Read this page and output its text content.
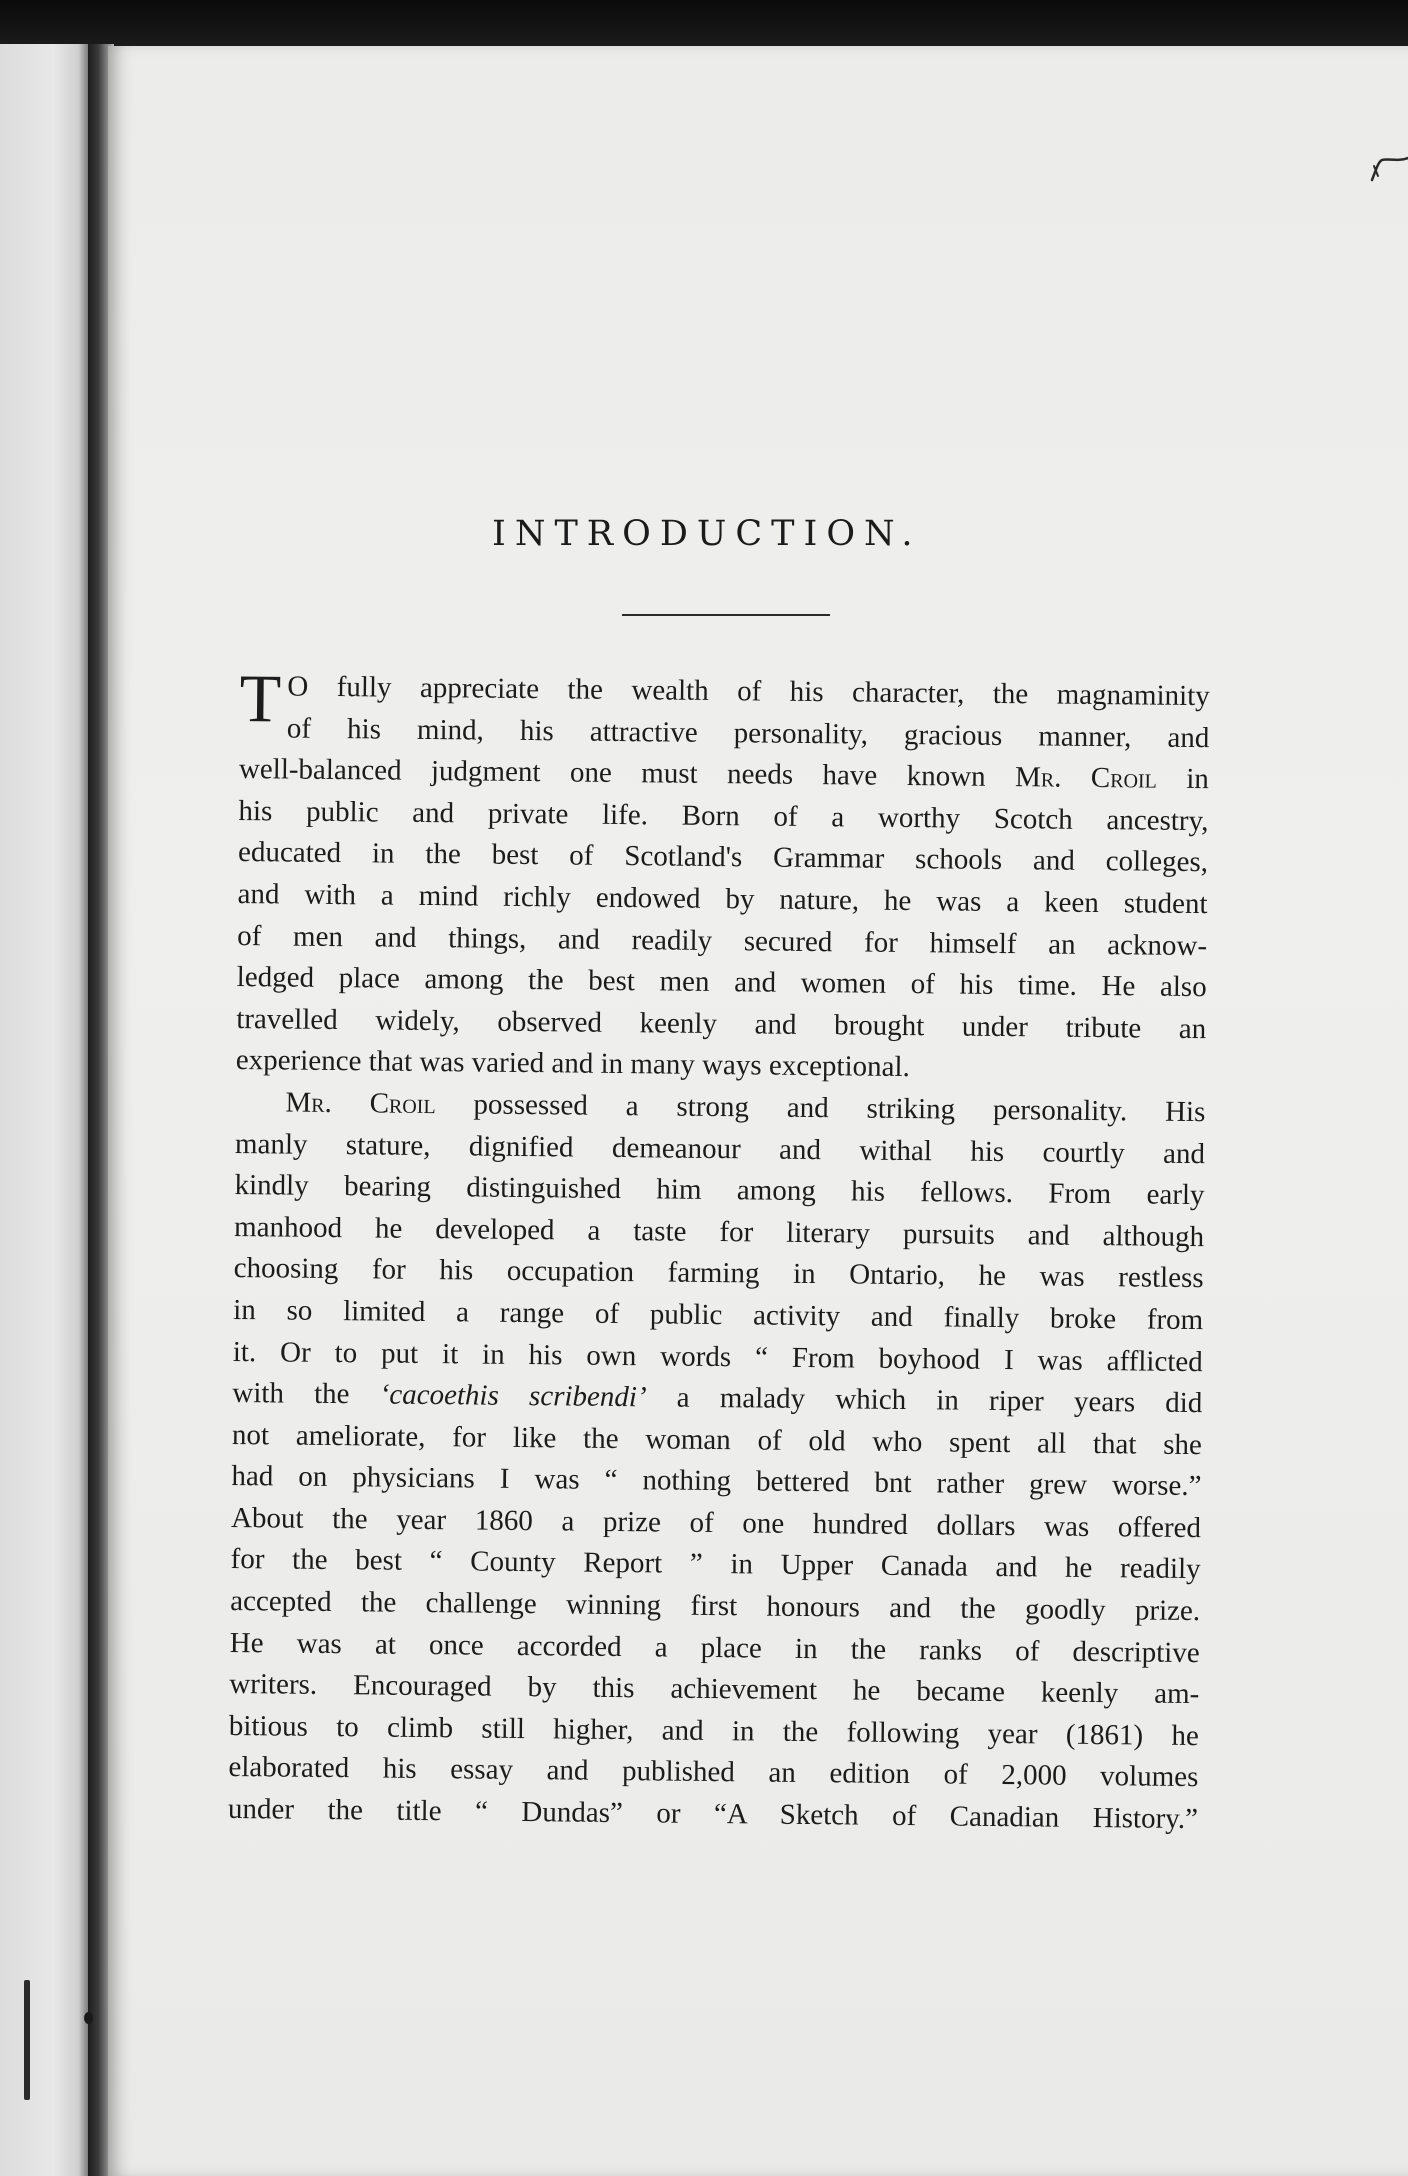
INTRODUCTION.
T O fully appreciate the wealth of his character, the magnaminity
of his mind, his attractive personality, gracious manner, and
well-balanced judgment one must needs have known Mr. Croil in
his public and private life. Born of a worthy Scotch ancestry,
educated in the best of Scotland's Grammar schools and colleges,
and with a mind richly endowed by nature, he was a keen student
of men and things, and readily secured for himself an acknow-
ledged place among the best men and women of his time. He also
travelled widely, observed keenly and brought under tribute an
experience that was varied and in many ways exceptional.
Mr. Croil possessed a strong and striking personality. His
manly stature, dignified demeanour and withal his courtly and
kindly bearing distinguished him among his fellows. From early
manhood he developed a taste for literary pursuits and although
choosing for his occupation farming in Ontario, he was restless
in so limited a range of public activity and finally broke from
it. Or to put it in his own words “ From boyhood I was afflicted
with the ‘cacoethis scribendi’ a malady which in riper years did
not ameliorate, for like the woman of old who spent all that she
had on physicians I was “ nothing bettered bnt rather grew worse.”
About the year 1860 a prize of one hundred dollars was offered
for the best “ County Report ” in Upper Canada and he readily
accepted the challenge winning first honours and the goodly prize.
He was at once accorded a place in the ranks of descriptive
writers. Encouraged by this achievement he became keenly am-
bitious to climb still higher, and in the following year (1861) he
elaborated his essay and published an edition of 2,000 volumes
under the title “ Dundas” or “A Sketch of Canadian History.”
